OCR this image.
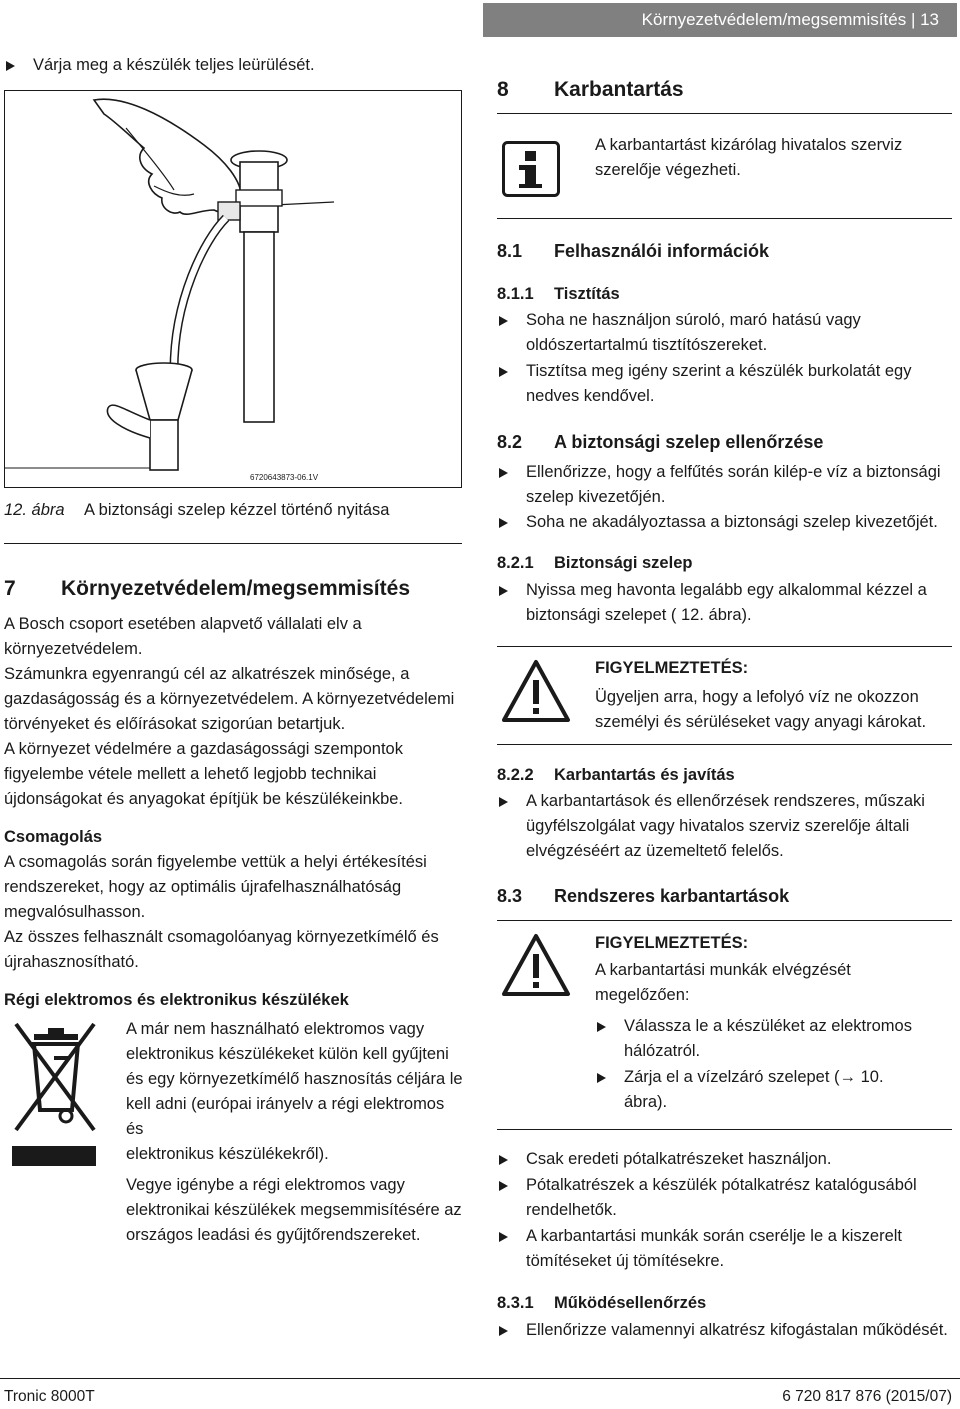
Környezetvédelem/megsemmisítés | 13
Várja meg a készülék teljes leürülését.
6720643873-06.1V
12. ábra A biztonsági szelep kézzel történő nyitása
7 Környezetvédelem/megsemmisítés

A Bosch csoport esetében alapvető vállalati elv a

környezetvédelem.

Számunkra egyenrangú cél az alkatrészek minősége, a

gazdaságosság és a környezetvédelem. A környezetvédelemi

törvényeket és előírásokat szigorúan betartjuk.

A környezet védelmére a gazdaságossági szempontok

figyelembe vétele mellett a lehető legjobb technikai

újdonságokat és anyagokat építjük be készülékeinkbe.

Csomagolás

A csomagolás során figyelembe vettük a helyi értékesítési

rendszereket, hogy az optimális újrafelhasználhatóság

megvalósulhasson.

Az összes felhasznált csomagolóanyag környezetkímélő és

újrahasznosítható.

Régi elektromos és elektronikus készülékek

A már nem használható elektromos vagy

elektronikus készülékeket külön kell gyűjteni

és egy környezetkímélő hasznosítás céljára le

kell adni (európai irányelv a régi elektromos és

elektronikus készülékekről).

Vegye igénybe a régi elektromos vagy

elektronikai készülékek megsemmisítésére az

országos leadási és gyűjtőrendszereket.

8 Karbantartás

A karbantartást kizárólag hivatalos szerviz

szerelője végezheti.

8.1 Felhasználói információk
8.1.1 Tisztítás

Soha ne használjon súroló, maró hatású vagy

oldószertartalmú tisztítószereket.

Tisztítsa meg igény szerint a készülék burkolatát egy

nedves kendővel.

8.2 A biztonsági szelep ellenőrzése

Ellenőrizze, hogy a felfűtés során kilép-e víz a biztonsági

szelep kivezetőjén.

Soha ne akadályoztassa a biztonsági szelep kivezetőjét.

8.2.1 Biztonsági szelep

Nyissa meg havonta legalább egy alkalommal kézzel a

biztonsági szelepet ( 12. ábra).

FIGYELMEZTETÉS:

Ügyeljen arra, hogy a lefolyó víz ne okozzon

személyi és sérüléseket vagy anyagi károkat.

8.2.2 Karbantartás és javítás

A karbantartások és ellenőrzések rendszeres, műszaki

ügyfélszolgálat vagy hivatalos szerviz szerelője általi

elvégzéséért az üzemeltető felelős.

8.3 Rendszeres karbantartások

FIGYELMEZTETÉS:

A karbantartási munkák elvégzését

megelőzően:

Válassza le a készüléket az elektromos

hálózatról.

Zárja el a vízelzáró szelepet (→ 10.

ábra).

Csak eredeti pótalkatrészeket használjon.

Pótalkatrészek a készülék pótalkatrész katalógusából

rendelhetők.

A karbantartási munkák során cserélje le a kiszerelt

tömítéseket új tömítésekre.

8.3.1 Működésellenőrzés

Ellenőrizze valamennyi alkatrész kifogástalan működését.

Tronic 8000T	6 720 817 876 (2015/07)
